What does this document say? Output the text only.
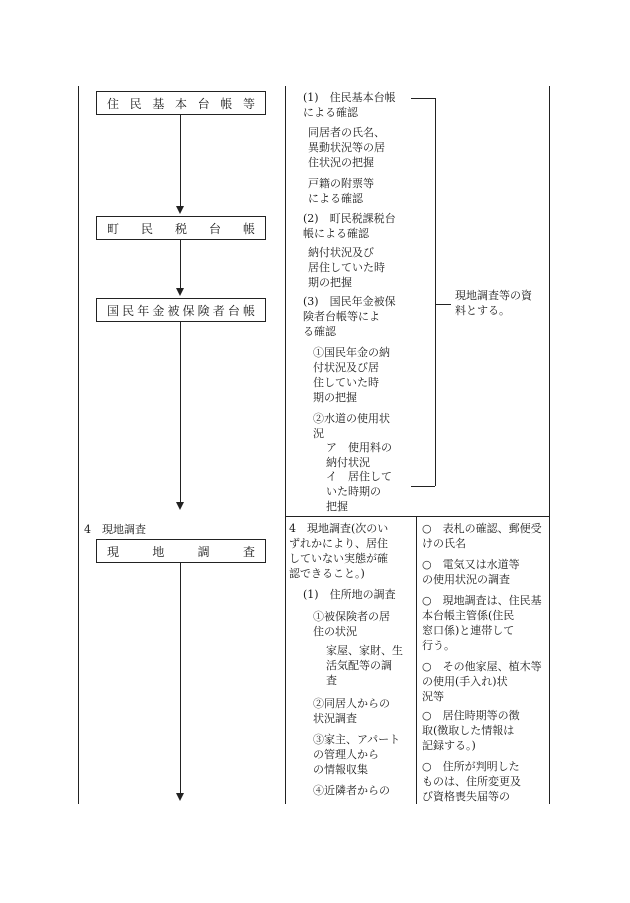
住 民 基 本 台 帳 等
町 民 税 台 帳
国 民 年 金 被 保 険 者 台 帳
4　現地調査
現	地	調	査
現地調査等の資
料とする。
(1)　住民基本台帳
による確認
同居者の氏名、
異動状況等の居
住状況の把握
戸籍の附票等
による確認
(2)　町民税課税台
帳による確認
納付状況及び
居住していた時
期の把握
(3)　国民年金被保
険者台帳等によ
る確認
①国民年金の納
付状況及び居
住していた時
期の把握
②水道の使用状
況
ア　使用料の
納付状況
イ　居住して
いた時期の
把握
4　現地調査(次のい
ずれかにより、居住
していない実態が確
認できること。)
(1)　住所地の調査
①被保険者の居
住の状況
家屋、家財、生
活気配等の調
査
②同居人からの
状況調査
③家主、アパート
の管理人から
の情報収集
④近隣者からの
○　表札の確認、郵便受
けの氏名
○　電気又は水道等
の使用状況の調査
○　現地調査は、住民基
本台帳主管係(住民
窓口係)と連帯して
行う。
○　その他家屋、植木等
の使用(手入れ)状
況等
○　居住時期等の徴
取(徴取した情報は
記録する。)
○　住所が判明した
ものは、住所変更及
び資格喪失届等の
